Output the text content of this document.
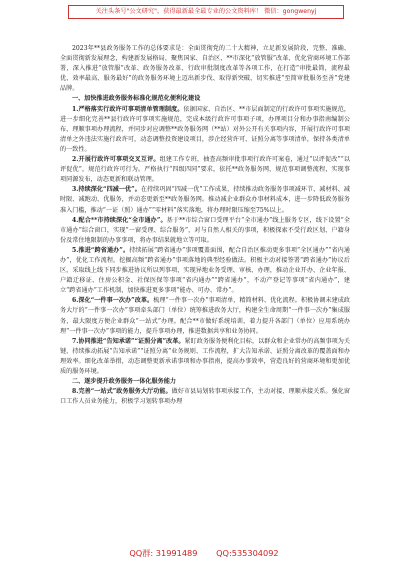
关注头条号"公文研究"，获得最新最全最专业的公文资料库！ 微信：gongwenyj

2023年**县政务服务工作的总体要求是：全面贯彻党的二十大精神，立足新发展阶段，完整、准确、全面贯彻新发展理念，构建新发展格局，聚焦国家、自治区、**市深化“放管服”改革、优化营商环境工作部署，深入推进“放管服”改革、政务服务改革、行政审批制度改革等各项工作，在打造“审批最简，流程最优、效率最高、服务最好”的政务服务环境上迈出新步伐、取得新突破，切实推进“至简审批服务至善”党建品牌。

一、加快推进政务服务标准化规范化便利化建设

1.严格落实行政许可事项清单管理制度。依据国家、自治区、**市层面制定的行政许可事项实施规范，进一步细化完善**县行政许可事项实施规范，完成本级行政许可事项子项，办理项目分和办事指南编制公布，理顺事项办理流程，并同步对应调整**政务服务网（**站）对外公开有关事项内容，开展行政许可事项清单之外违法实施行政许可，动态调整投资建设项目，涉企经营许可、证照分离等事项清单，保持各类清单的一致性。

2.开展行政许可事项交叉互评。组建工作专班，抽查高频审批事项行政许可案卷，通过“以评促改”“以评促优”，规范行政许可行为。严格执行“四级四同”要求，依托**政务服务网，规范事项调整流程，实现事项同源发布，动态更新和联动管理。

3.持续深化“四减一优”。在持续巩固“四减一优”工作成果，持续推动政务服务事项减环节、减材料、减时限、减跑动、优服务，并动态更新至**政务服务网。推动减企业群众办事材料成本，进一步降低政务服务准入门槛，推动“一证（照）通办”“零材料”落实落地，将办理时限压缩至75%以上。

4.配合**市持续深化“全市通办”。基于**市综合窗口受理平台“全市通办”线上服务专区，线下设置“全市通办”综合窗口，实现“一窗受理、综合服务”，对与自然人相关的事项，积极探索不受行政区划、户籍身份及常住地限制的办事事项，将办事结果就地立等可取。

5.推进“跨省通办”。持续拓展“跨省通办”事项覆盖面围，配合自治区推动更多事项“全区通办”“省内通办”，优化工作流程，挖掘高频“跨省通办”事项落地的典型经验做法。积极主动对接签署“跨省通办”协议后区，采取线上线下同步推进协议所以列事项，实现异地业务受理、审核、办理，推动企业开办、企业年报、户籍迁移证、住房公积金、社保医保等事项“省内通办”“跨省通办”，不动产登记等事项“省内通办”，建立“跨省通办”工作机制，加快推进更多事项“能办、可办、常办”。

6.深化“一件事一次办”改革。梳理“一件事一次办”事项清单，精简材料、优化流程。积极协调未建成政务大厅的“一件事一次办”事项牵头部门（单位）统筹推进政务大厅，构建全生命周期“一件事一次办”集成服务，最大限度方便企业群众“一站式”办理。配合**市做好系统培训，着力提升各部门（单位）应用系统办理“一件事一次办”事项的能力，提升事项办理，推进数据共享和业务协同。

7.协同推进“告知承诺”“证照分离”改革。紧盯政务服务便利化目标，以群众和企业常办的高频事项为关键，持续推动拓展“告知承诺”“证照分离”业务规则、工作流程，扩大告知承诺、证照分离改革的覆盖面和办理效率。细化改革举措，动态调整更新承诺事项和办事指南，提高办事效率，营造良好的营商环境和更加优质的服务环境。

二、逐步提升政务服务一体化服务能力

8.完善“一站式”政务服务大厅功能。做好市县局划转事项承接工作，主动对接、理顺承接关系。强化窗口工作人员业务能力，积极学习划转事项办理

QQ群: 31991489 QQ:535304092
